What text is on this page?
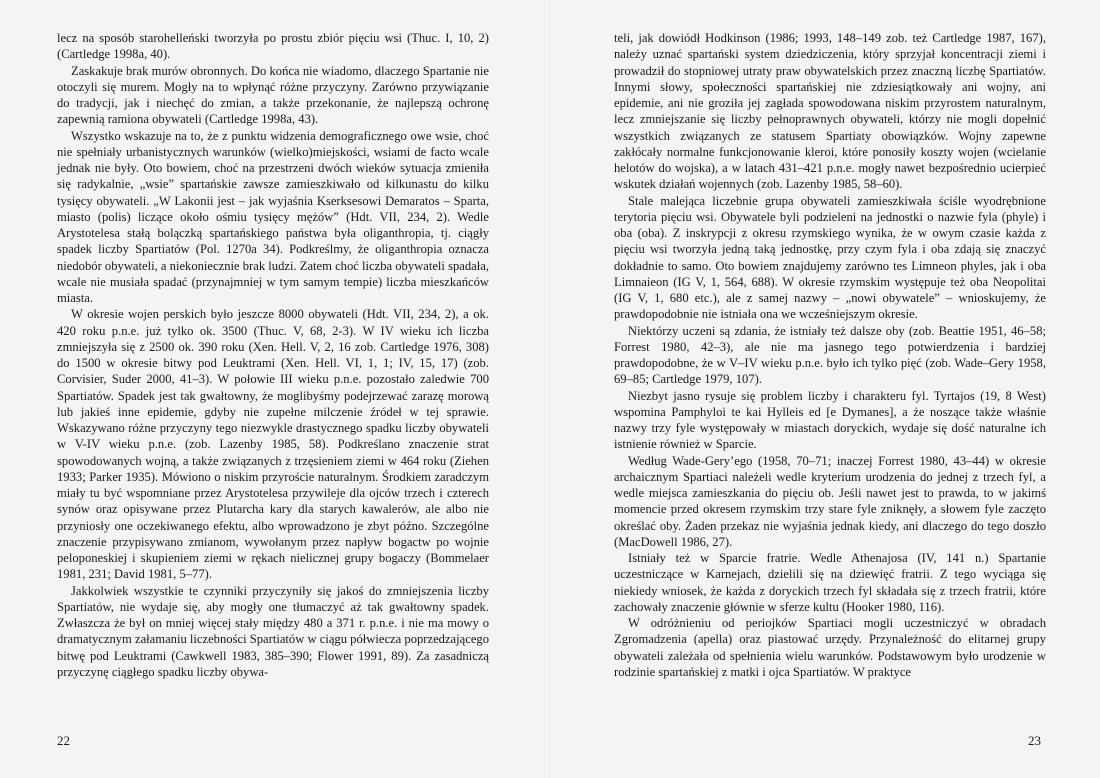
lecz na sposób starohelleński tworzyła po prostu zbiór pięciu wsi (Thuc. I, 10, 2) (Cartledge 1998a, 40).

Zaskakuje brak murów obronnych. Do końca nie wiadomo, dlaczego Spartanie nie otoczyli się murem. Mogły na to wpłynąć różne przyczyny. Zarówno przywiązanie do tradycji, jak i niechęć do zmian, a także przekonanie, że najlepszą ochronę zapewnią ramiona obywateli (Cartledge 1998a, 43).

Wszystko wskazuje na to, że z punktu widzenia demograficznego owe wsie, choć nie spełniały urbanistycznych warunków (wielko)miejskości, wsiami de facto wcale jednak nie były. Oto bowiem, choć na przestrzeni dwóch wieków sytuacja zmieniła się radykalnie, „wsie” spartańskie zawsze zamieszkiwało od kilkunastu do kilku tysięcy obywateli. „W Lakonii jest – jak wyjaśnia Kserksesowi Demaratos – Sparta, miasto (polis) liczące około ośmiu tysięcy mężów” (Hdt. VII, 234, 2). Wedle Arystotelesa stałą bolączką spartańskiego państwa była oliganthropia, tj. ciągły spadek liczby Spartiatów (Pol. 1270a 34). Podkreślmy, że oliganthropia oznacza niedobór obywateli, a niekoniecznie brak ludzi. Zatem choć liczba obywateli spadała, wcale nie musiała spadać (przynajmniej w tym samym tempie) liczba mieszkańców miasta.

W okresie wojen perskich było jeszcze 8000 obywateli (Hdt. VII, 234, 2), a ok. 420 roku p.n.e. już tylko ok. 3500 (Thuc. V, 68, 2-3). W IV wieku ich liczba zmniejszyła się z 2500 ok. 390 roku (Xen. Hell. V, 2, 16 zob. Cartledge 1976, 308) do 1500 w okresie bitwy pod Leuktrami (Xen. Hell. VI, 1, 1; IV, 15, 17) (zob. Corvisier, Suder 2000, 41–3). W połowie III wieku p.n.e. pozostało zaledwie 700 Spartiatów. Spadek jest tak gwałtowny, że moglibyśmy podejrzewać zarazę morową lub jakieś inne epidemie, gdyby nie zupełne milczenie źródeł w tej sprawie. Wskazywano różne przyczyny tego niezwykle drastycznego spadku liczby obywateli w V-IV wieku p.n.e. (zob. Lazenby 1985, 58). Podkreślano znaczenie strat spowodowanych wojną, a także związanych z trzęsieniem ziemi w 464 roku (Ziehen 1933; Parker 1935). Mówiono o niskim przyroście naturalnym. Środkiem zaradczym miały tu być wspomniane przez Arystotelesa przywileje dla ojców trzech i czterech synów oraz opisywane przez Plutarcha kary dla starych kawalerów, ale albo nie przyniosły one oczekiwanego efektu, albo wprowadzono je zbyt późno. Szczególne znaczenie przypisywano zmianom, wywołanym przez napływ bogactw po wojnie peloponeskiej i skupieniem ziemi w rękach nielicznej grupy bogaczy (Bommelaer 1981, 231; David 1981, 5–77).

Jakkolwiek wszystkie te czynniki przyczyniły się jakoś do zmniejszenia liczby Spartiatów, nie wydaje się, aby mogły one tłumaczyć aż tak gwałtowny spadek. Zwłaszcza że był on mniej więcej stały między 480 a 371 r. p.n.e. i nie ma mowy o dramatycznym załamaniu liczebności Spartiatów w ciągu półwiecza poprzedzającego bitwę pod Leuktrami (Cawkwell 1983, 385–390; Flower 1991, 89). Za zasadniczą przyczynę ciągłego spadku liczby obywa-

22

teli, jak dowiódł Hodkinson (1986; 1993, 148–149 zob. też Cartledge 1987, 167), należy uznać spartański system dziedziczenia, który sprzyjał koncentracji ziemi i prowadził do stopniowej utraty praw obywatelskich przez znaczną liczbę Spartiatów. Innymi słowy, społeczności spartańskiej nie zdziesiątkowały ani wojny, ani epidemie, ani nie groziła jej zagłada spowodowana niskim przyrostem naturalnym, lecz zmniejszanie się liczby pełnoprawnych obywateli, którzy nie mogli dopełnić wszystkich związanych ze statusem Spartiaty obowiązków. Wojny zapewne zakłócały normalne funkcjonowanie kleroi, które ponosiły koszty wojen (wcielanie helotów do wojska), a w latach 431–421 p.n.e. mogły nawet bezpośrednio ucierpieć wskutek działań wojennych (zob. Lazenby 1985, 58–60).

Stale malejąca liczebnie grupa obywateli zamieszkiwała ściśle wyodrębnione terytoria pięciu wsi. Obywatele byli podzieleni na jednostki o nazwie fyla (phyle) i oba (oba). Z inskrypcji z okresu rzymskiego wynika, że w owym czasie każda z pięciu wsi tworzyła jedną taką jednostkę, przy czym fyla i oba zdają się znaczyć dokładnie to samo. Oto bowiem znajdujemy zarówno tes Limneon phyles, jak i oba Limnaieon (IG V, 1, 564, 688). W okresie rzymskim występuje też oba Neopolitai (IG V, 1, 680 etc.), ale z samej nazwy – „nowi obywatele” – wnioskujemy, że prawdopodobnie nie istniała ona we wcześniejszym okresie.

Niektórzy uczeni są zdania, że istniały też dalsze oby (zob. Beattie 1951, 46–58; Forrest 1980, 42–3), ale nie ma jasnego tego potwierdzenia i bardziej prawdopodobne, że w V–IV wieku p.n.e. było ich tylko pięć (zob. Wade–Gery 1958, 69–85; Cartledge 1979, 107).

Niezbyt jasno rysuje się problem liczby i charakteru fyl. Tyrtajos (19, 8 West) wspomina Pamphyloi te kai Hylleis ed [e Dymanes], a że noszące także właśnie nazwy trzy fyle występowały w miastach doryckich, wydaje się dość naturalne ich istnienie również w Sparcie.

Według Wade-Gery’ego (1958, 70–71; inaczej Forrest 1980, 43–44) w okresie archaicznym Spartiaci należeli wedle kryterium urodzenia do jednej z trzech fyl, a wedle miejsca zamieszkania do pięciu ob. Jeśli nawet jest to prawda, to w jakimś momencie przed okresem rzymskim trzy stare fyle zniknęły, a słowem fyle zaczęto określać oby. Żaden przekaz nie wyjaśnia jednak kiedy, ani dlaczego do tego doszło (MacDowell 1986, 27).

Istniały też w Sparcie fratrie. Wedle Athenajosa (IV, 141 n.) Spartanie uczestniczące w Karnejach, dzielili się na dziewięć fratrii. Z tego wyciąga się niekiedy wniosek, że każda z doryckich trzech fyl składała się z trzech fratrii, które zachowały znaczenie głównie w sferze kultu (Hooker 1980, 116).

W odróżnieniu od periojków Spartiaci mogli uczestniczyć w obradach Zgromadzenia (apella) oraz piastować urzędy. Przynależność do elitarnej grupy obywateli zależała od spełnienia wielu warunków. Podstawowym było urodzenie w rodzinie spartańskiej z matki i ojca Spartiatów. W praktyce

23
